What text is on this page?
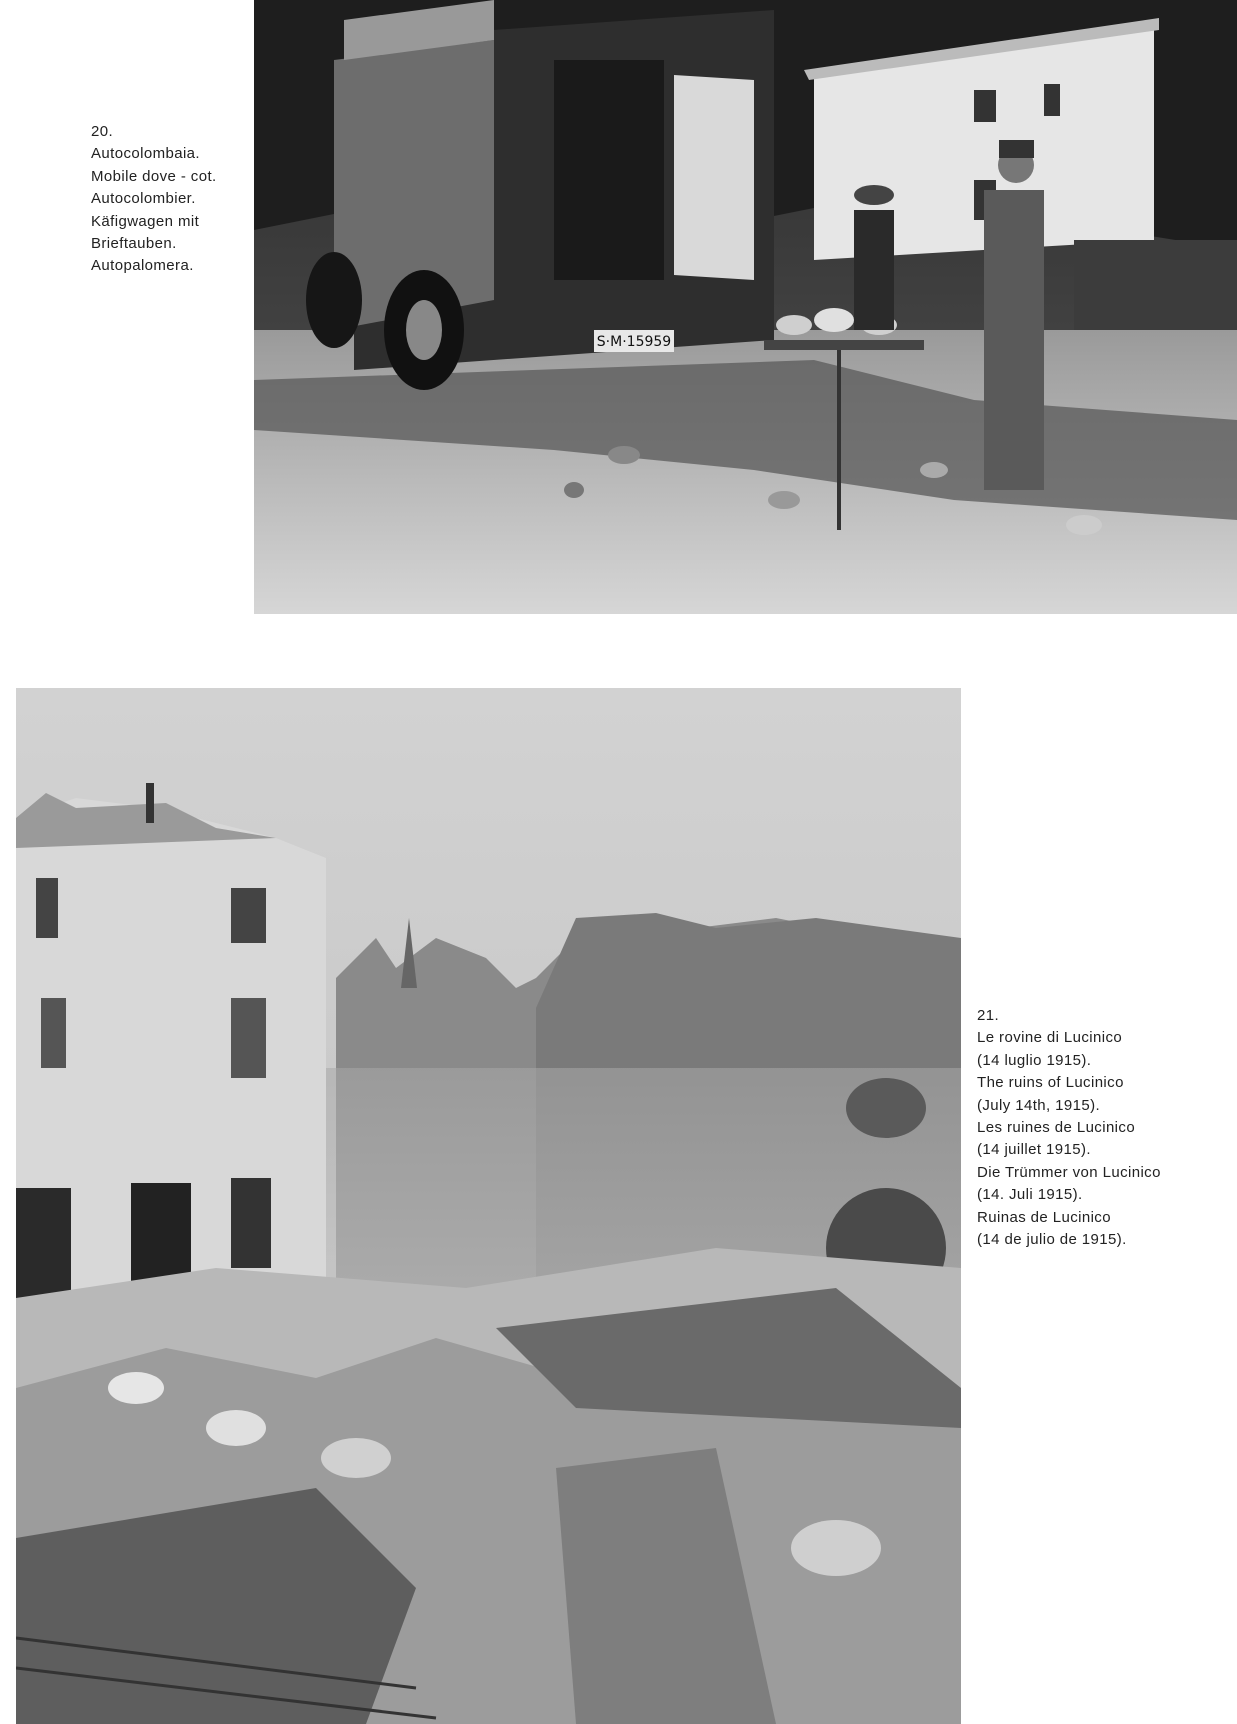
S·M·15959
20.
Autocolombaia.
Mobile dove - cot.
Autocolombier.
Käfigwagen mit
Brieftauben.
Autopalomera.
21.
Le rovine di Lucinico
(14 luglio 1915).
The ruins of Lucinico
(July 14th, 1915).
Les ruines de Lucinico
(14 juillet 1915).
Die Trümmer von Lucinico
(14. Juli 1915).
Ruinas de Lucinico
(14 de julio de 1915).
